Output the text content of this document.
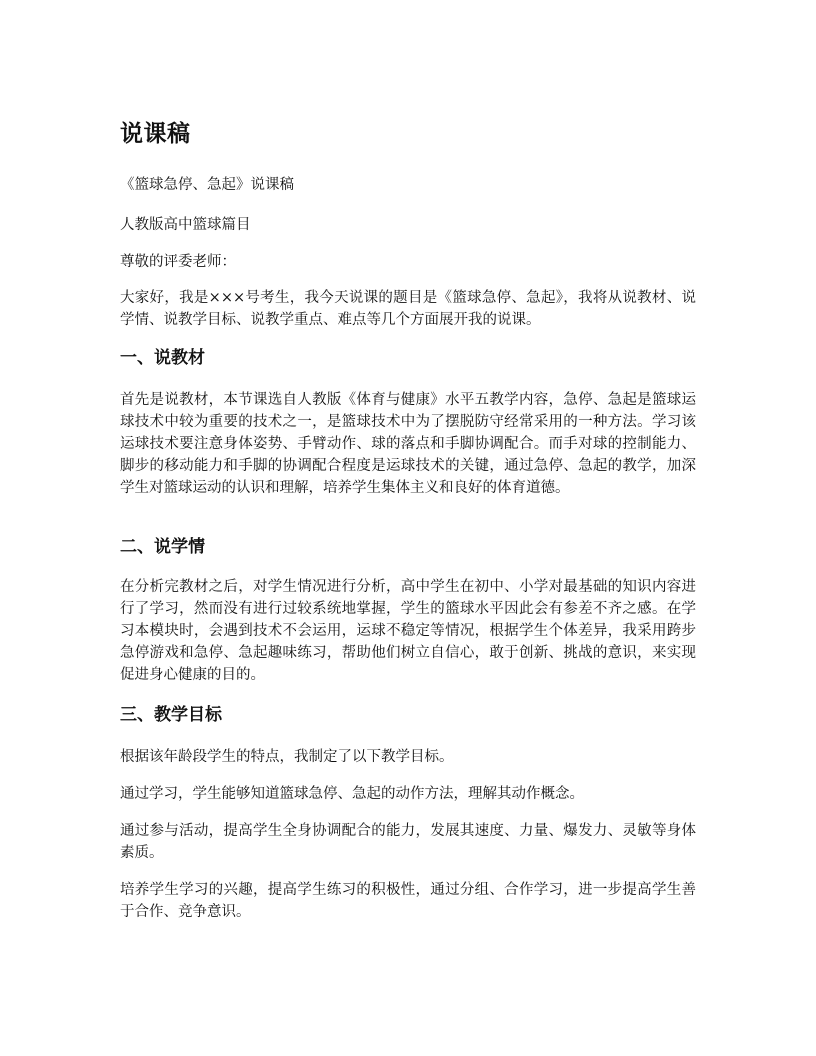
说课稿

《篮球急停、急起》说课稿

人教版高中篮球篇目

尊敬的评委老师：

大家好，我是×××号考生，我今天说课的题目是《篮球急停、急起》，我将从说教材、说学情、说教学目标、说教学重点、难点等几个方面展开我的说课。

一、说教材

首先是说教材，本节课选自人教版《体育与健康》水平五教学内容，急停、急起是篮球运球技术中较为重要的技术之一，是篮球技术中为了摆脱防守经常采用的一种方法。学习该运球技术要注意身体姿势、手臂动作、球的落点和手脚协调配合。而手对球的控制能力、脚步的移动能力和手脚的协调配合程度是运球技术的关键，通过急停、急起的教学，加深学生对篮球运动的认识和理解，培养学生集体主义和良好的体育道德。

二、说学情

在分析完教材之后，对学生情况进行分析，高中学生在初中、小学对最基础的知识内容进行了学习，然而没有进行过较系统地掌握，学生的篮球水平因此会有参差不齐之感。在学习本模块时，会遇到技术不会运用，运球不稳定等情况，根据学生个体差异，我采用跨步急停游戏和急停、急起趣味练习，帮助他们树立自信心，敢于创新、挑战的意识，来实现促进身心健康的目的。

三、教学目标

根据该年龄段学生的特点，我制定了以下教学目标。

通过学习，学生能够知道篮球急停、急起的动作方法，理解其动作概念。

通过参与活动，提高学生全身协调配合的能力，发展其速度、力量、爆发力、灵敏等身体素质。

培养学生学习的兴趣，提高学生练习的积极性，通过分组、合作学习，进一步提高学生善于合作、竞争意识。
